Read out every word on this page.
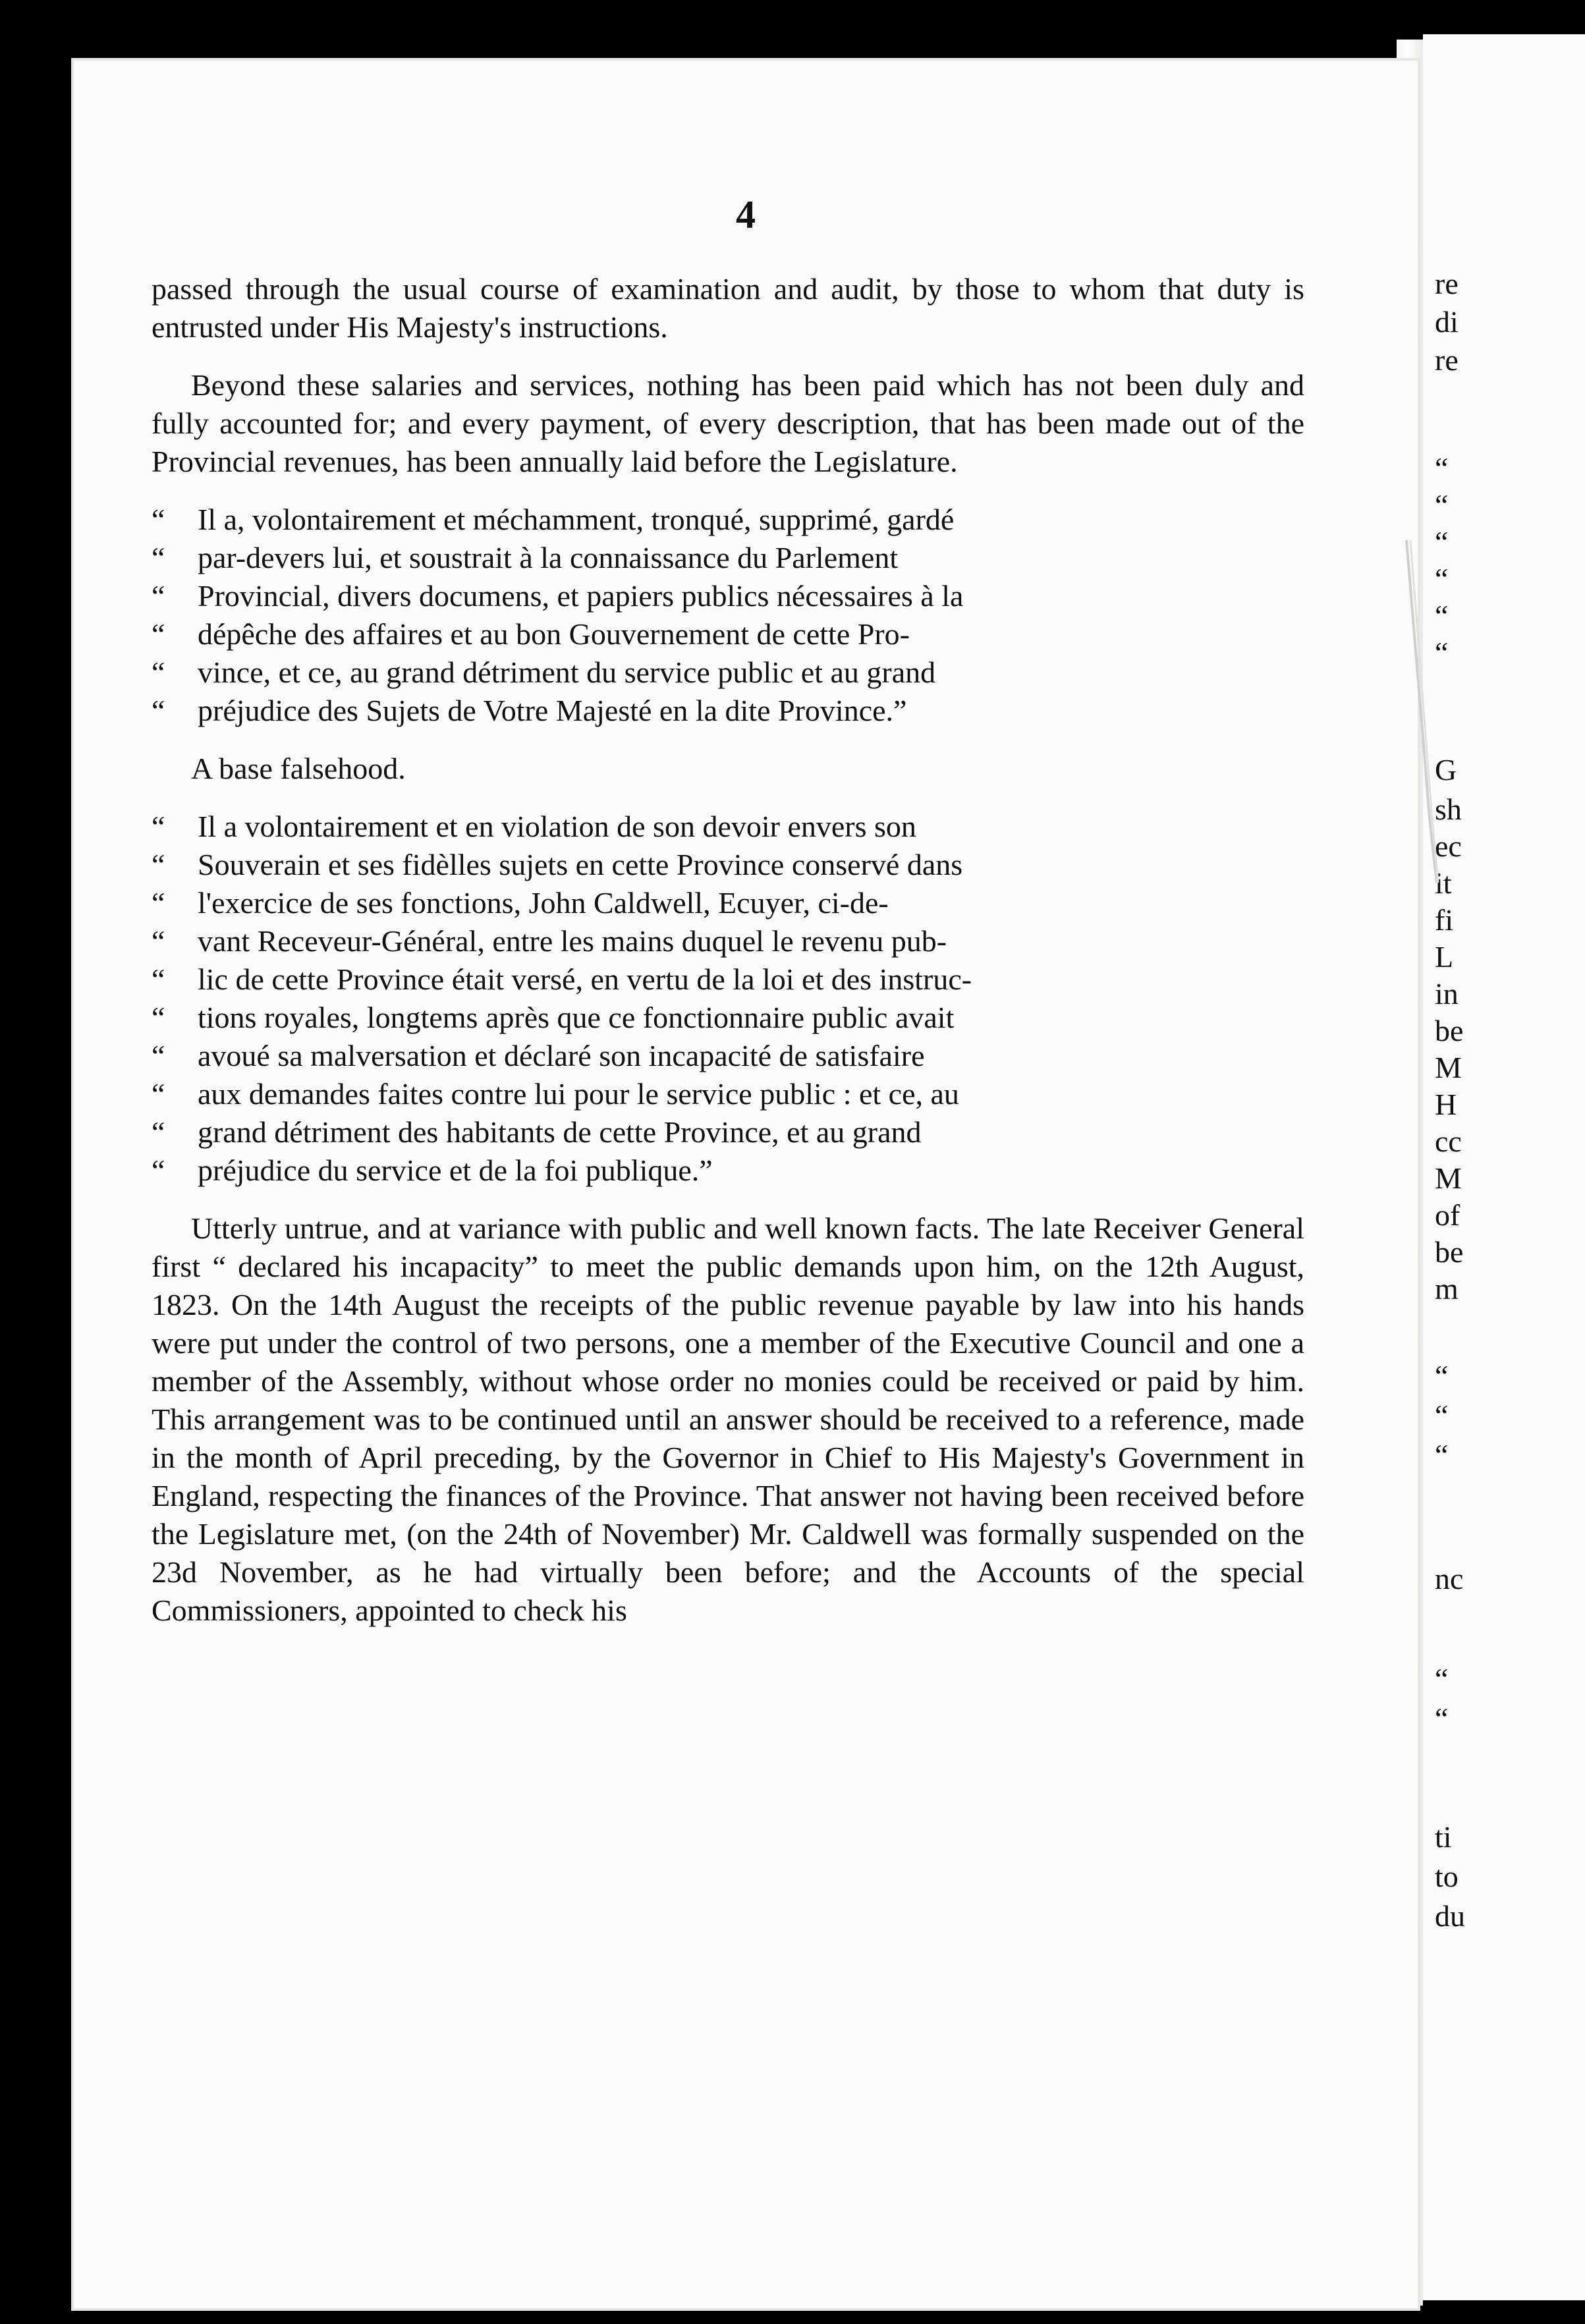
4

passed through the usual course of examination and audit, by those to whom that duty is entrusted under His Majesty's instructions.

Beyond these salaries and services, nothing has been paid which has not been duly and fully accounted for; and every payment, of every description, that has been made out of the Provincial revenues, has been annually laid before the Legislature.

“	Il a, volontairement et méchamment, tronqué, supprimé, gardé
“	par-devers lui, et soustrait à la connaissance du Parlement
“	Provincial, divers documens, et papiers publics nécessaires à la
“	dépêche des affaires et au bon Gouvernement de cette Pro-
“	vince, et ce, au grand détriment du service public et au grand
“	préjudice des Sujets de Votre Majesté en la dite Province.”

A base falsehood.

“	Il a volontairement et en violation de son devoir envers son
“	Souverain et ses fidèlles sujets en cette Province conservé dans
“	l'exercice de ses fonctions, John Caldwell, Ecuyer, ci-de-
“	vant Receveur-Général, entre les mains duquel le revenu pub-
“	lic de cette Province était versé, en vertu de la loi et des instruc-
“	tions royales, longtems après que ce fonctionnaire public avait
“	avoué sa malversation et déclaré son incapacité de satisfaire
“	aux demandes faites contre lui pour le service public : et ce, au
“	grand détriment des habitants de cette Province, et au grand
“	préjudice du service et de la foi publique.”

Utterly untrue, and at variance with public and well known facts. The late Receiver General first “ declared his incapacity” to meet the public demands upon him, on the 12th August, 1823. On the 14th August the receipts of the public revenue payable by law into his hands were put under the control of two persons, one a member of the Executive Council and one a member of the Assembly, without whose order no monies could be received or paid by him. This arrangement was to be continued until an answer should be received to a reference, made in the month of April preceding, by the Governor in Chief to His Majesty's Government in England, respecting the finances of the Province. That answer not having been received before the Legislature met, (on the 24th of November) Mr. Caldwell was formally suspended on the 23d November, as he had virtually been before; and the Accounts of the special Commissioners, appointed to check his

re
di
re
“
“
“
“
“
“
G
sh
ec
it
fi
L
in
be
M
H
cc
M
of
be
m
“
“
“
nc
“
“
ti
to
du
